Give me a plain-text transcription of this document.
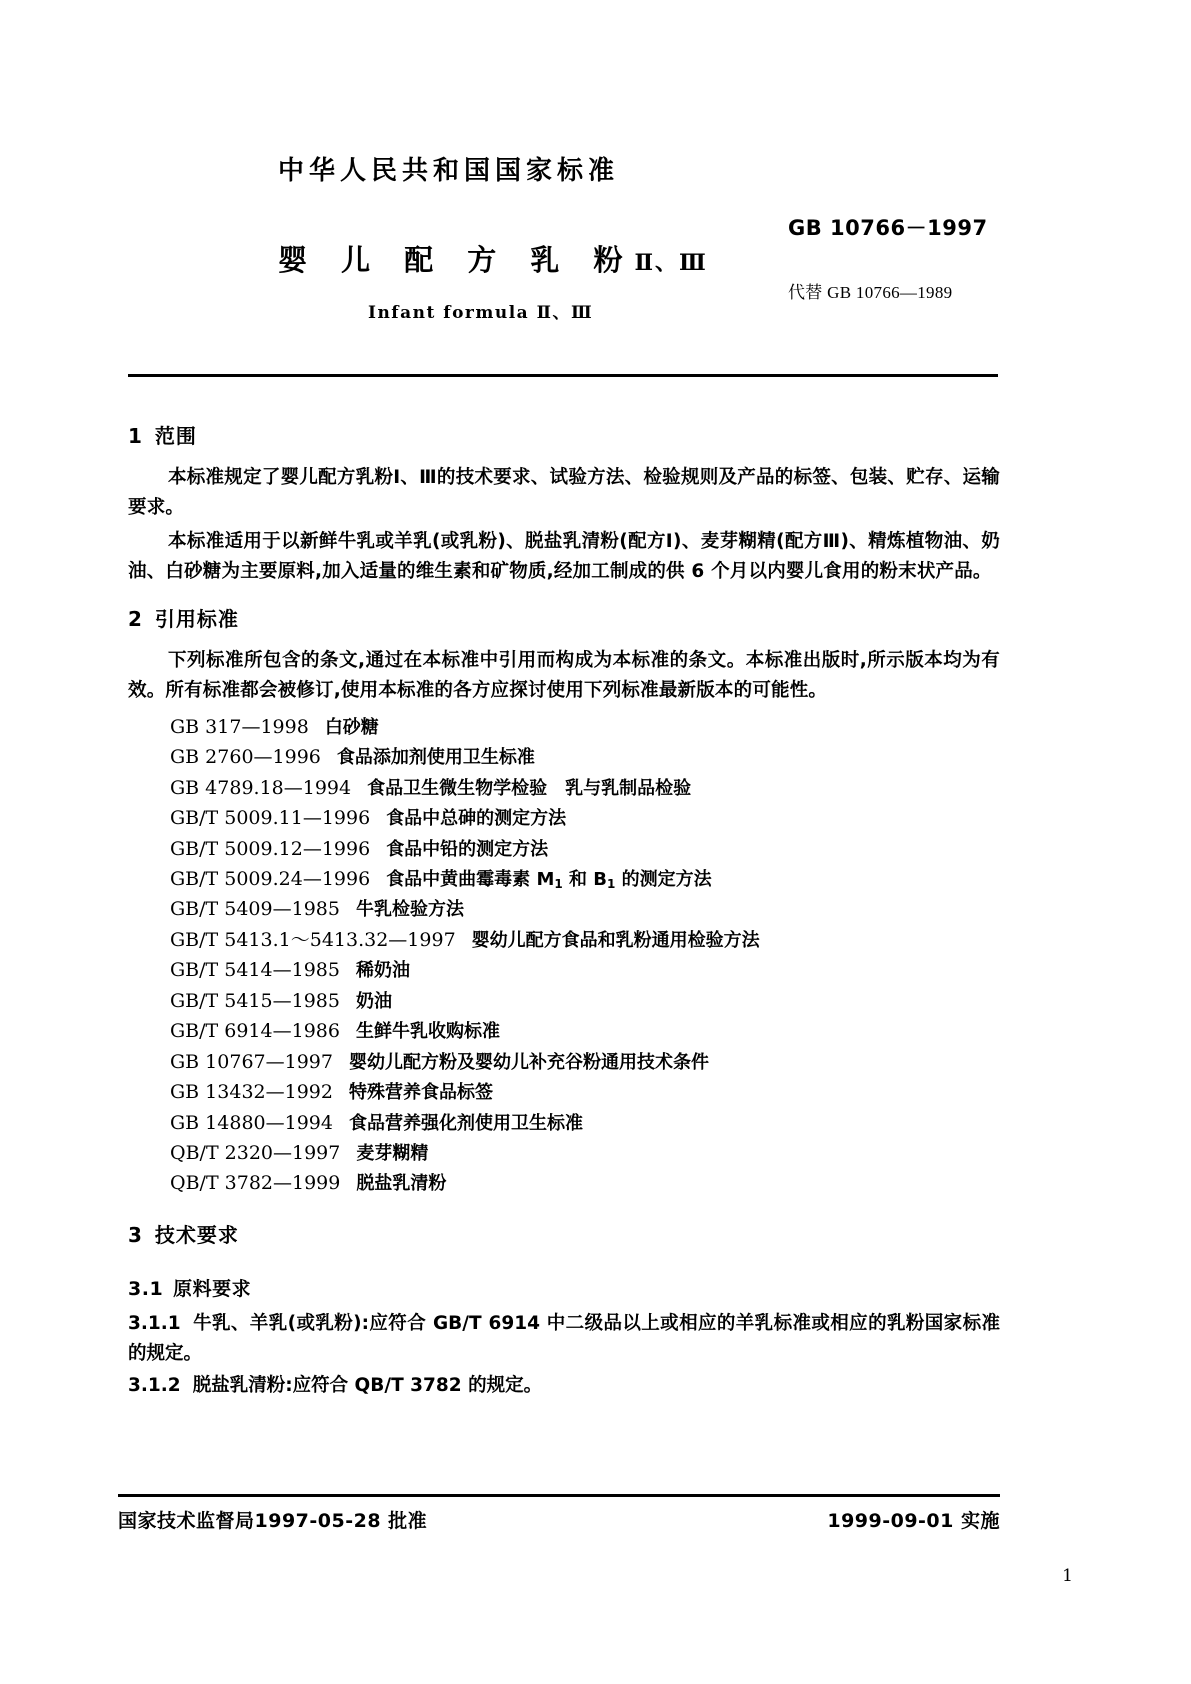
中华人民共和国国家标准
婴 儿 配 方 乳 粉Ⅱ、Ⅲ
Infant formula Ⅱ、Ⅲ
GB 10766－1997
代替 GB 10766—1989
1 范围

本标准规定了婴儿配方乳粉Ⅰ、Ⅲ的技术要求、试验方法、检验规则及产品的标签、包装、贮存、运输要求。

本标准适用于以新鲜牛乳或羊乳(或乳粉)、脱盐乳清粉(配方Ⅰ)、麦芽糊精(配方Ⅲ)、精炼植物油、奶油、白砂糖为主要原料,加入适量的维生素和矿物质,经加工制成的供 6 个月以内婴儿食用的粉末状产品。

2 引用标准

下列标准所包含的条文,通过在本标准中引用而构成为本标准的条文。本标准出版时,所示版本均为有效。所有标准都会被修订,使用本标准的各方应探讨使用下列标准最新版本的可能性。

GB 317—1998 白砂糖
GB 2760—1996 食品添加剂使用卫生标准
GB 4789.18—1994 食品卫生微生物学检验　乳与乳制品检验
GB/T 5009.11—1996 食品中总砷的测定方法
GB/T 5009.12—1996 食品中铅的测定方法
GB/T 5009.24—1996 食品中黄曲霉毒素 $M_1$ 和 $B_1$ 的测定方法
GB/T 5409—1985 牛乳检验方法
GB/T 5413.1～5413.32—1997 婴幼儿配方食品和乳粉通用检验方法
GB/T 5414—1985 稀奶油
GB/T 5415—1985 奶油
GB/T 6914—1986 生鲜牛乳收购标准
GB 10767—1997 婴幼儿配方粉及婴幼儿补充谷粉通用技术条件
GB 13432—1992 特殊营养食品标签
GB 14880—1994 食品营养强化剂使用卫生标准
QB/T 2320—1997 麦芽糊精
QB/T 3782—1999 脱盐乳清粉
3 技术要求
3.1 原料要求

3.1.1 牛乳、羊乳(或乳粉):应符合 GB/T 6914 中二级品以上或相应的羊乳标准或相应的乳粉国家标准的规定。

3.1.2 脱盐乳清粉:应符合 QB/T 3782 的规定。

国家技术监督局1997-05-28 批准	1999-09-01 实施
1
